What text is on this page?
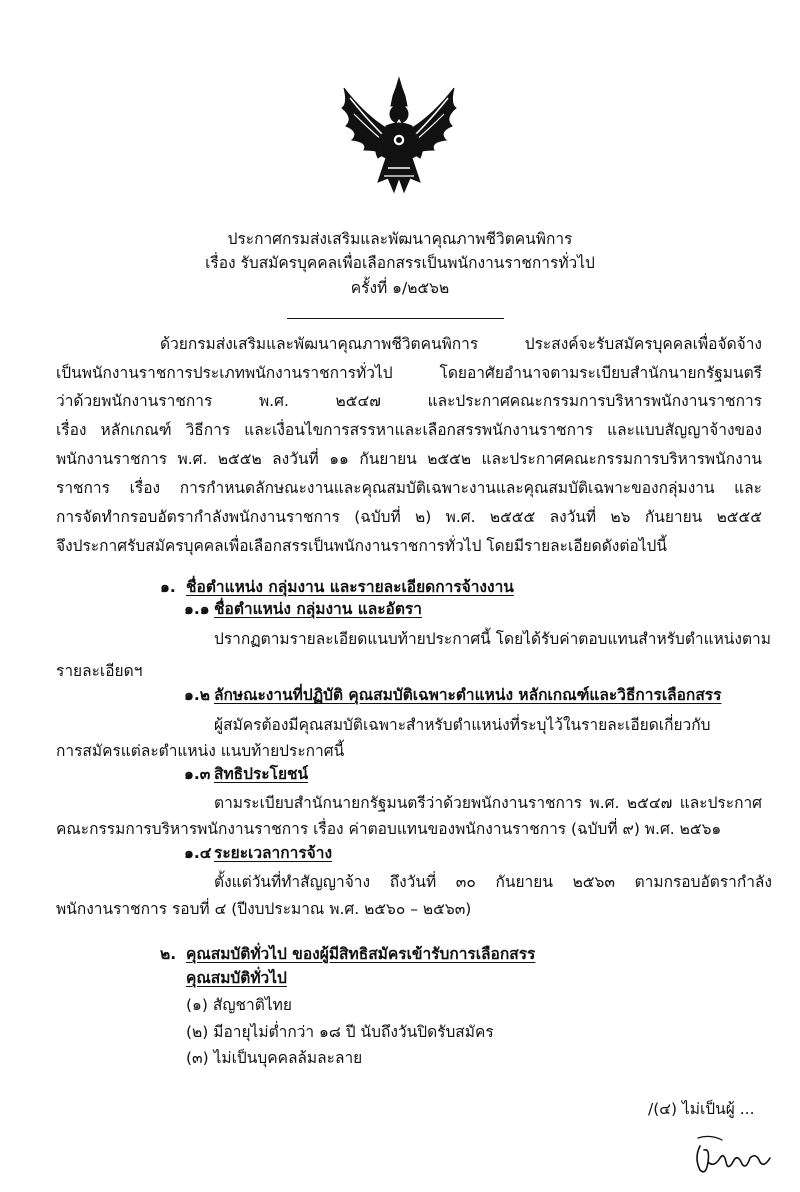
ประกาศกรมส่งเสริมและพัฒนาคุณภาพชีวิตคนพิการ
เรื่อง รับสมัครบุคคลเพื่อเลือกสรรเป็นพนักงานราชการทั่วไป
ครั้งที่ ๑/๒๕๖๒
ด้วยกรมส่งเสริมและพัฒนาคุณภาพชีวิตคนพิการ ประสงค์จะรับสมัครบุคคลเพื่อจัดจ้าง
เป็นพนักงานราชการประเภทพนักงานราชการทั่วไป โดยอาศัยอำนาจตามระเบียบสำนักนายกรัฐมนตรี
ว่าด้วยพนักงานราชการ พ.ศ. ๒๕๔๗ และประกาศคณะกรรมการบริหารพนักงานราชการ
เรื่อง หลักเกณฑ์ วิธีการ และเงื่อนไขการสรรหาและเลือกสรรพนักงานราชการ และแบบสัญญาจ้างของ
พนักงานราชการ พ.ศ. ๒๕๕๒ ลงวันที่ ๑๑ กันยายน ๒๕๕๒ และประกาศคณะกรรมการบริหารพนักงาน
ราชการ เรื่อง การกำหนดลักษณะงานและคุณสมบัติเฉพาะงานและคุณสมบัติเฉพาะของกลุ่มงาน และ
การจัดทำกรอบอัตรากำลังพนักงานราชการ (ฉบับที่ ๒) พ.ศ. ๒๕๕๕ ลงวันที่ ๒๖ กันยายน ๒๕๕๕
จึงประกาศรับสมัครบุคคลเพื่อเลือกสรรเป็นพนักงานราชการทั่วไป โดยมีรายละเอียดดังต่อไปนี้
๑. ชื่อตำแหน่ง กลุ่มงาน และรายละเอียดการจ้างงาน
๑.๑ ชื่อตำแหน่ง กลุ่มงาน และอัตรา
ปรากฏตามรายละเอียดแนบท้ายประกาศนี้ โดยได้รับค่าตอบแทนสำหรับตำแหน่งตาม
รายละเอียดฯ
๑.๒ ลักษณะงานที่ปฏิบัติ คุณสมบัติเฉพาะตำแหน่ง หลักเกณฑ์และวิธีการเลือกสรร
ผู้สมัครต้องมีคุณสมบัติเฉพาะสำหรับตำแหน่งที่ระบุไว้ในรายละเอียดเกี่ยวกับ
การสมัครแต่ละตำแหน่ง แนบท้ายประกาศนี้
๑.๓ สิทธิประโยชน์
ตามระเบียบสำนักนายกรัฐมนตรีว่าด้วยพนักงานราชการ พ.ศ. ๒๕๔๗ และประกาศ
คณะกรรมการบริหารพนักงานราชการ เรื่อง ค่าตอบแทนของพนักงานราชการ (ฉบับที่ ๙) พ.ศ. ๒๕๖๑
๑.๔ ระยะเวลาการจ้าง
ตั้งแต่วันที่ทำสัญญาจ้าง ถึงวันที่ ๓๐ กันยายน ๒๕๖๓ ตามกรอบอัตรากำลัง
พนักงานราชการ รอบที่ ๔ (ปีงบประมาณ พ.ศ. ๒๕๖๐ – ๒๕๖๓)
๒. คุณสมบัติทั่วไป ของผู้มีสิทธิสมัครเข้ารับการเลือกสรร
คุณสมบัติทั่วไป
(๑) สัญชาติไทย
(๒) มีอายุไม่ต่ำกว่า ๑๘ ปี นับถึงวันปิดรับสมัคร
(๓) ไม่เป็นบุคคลล้มละลาย
/(๔) ไม่เป็นผู้ ...
